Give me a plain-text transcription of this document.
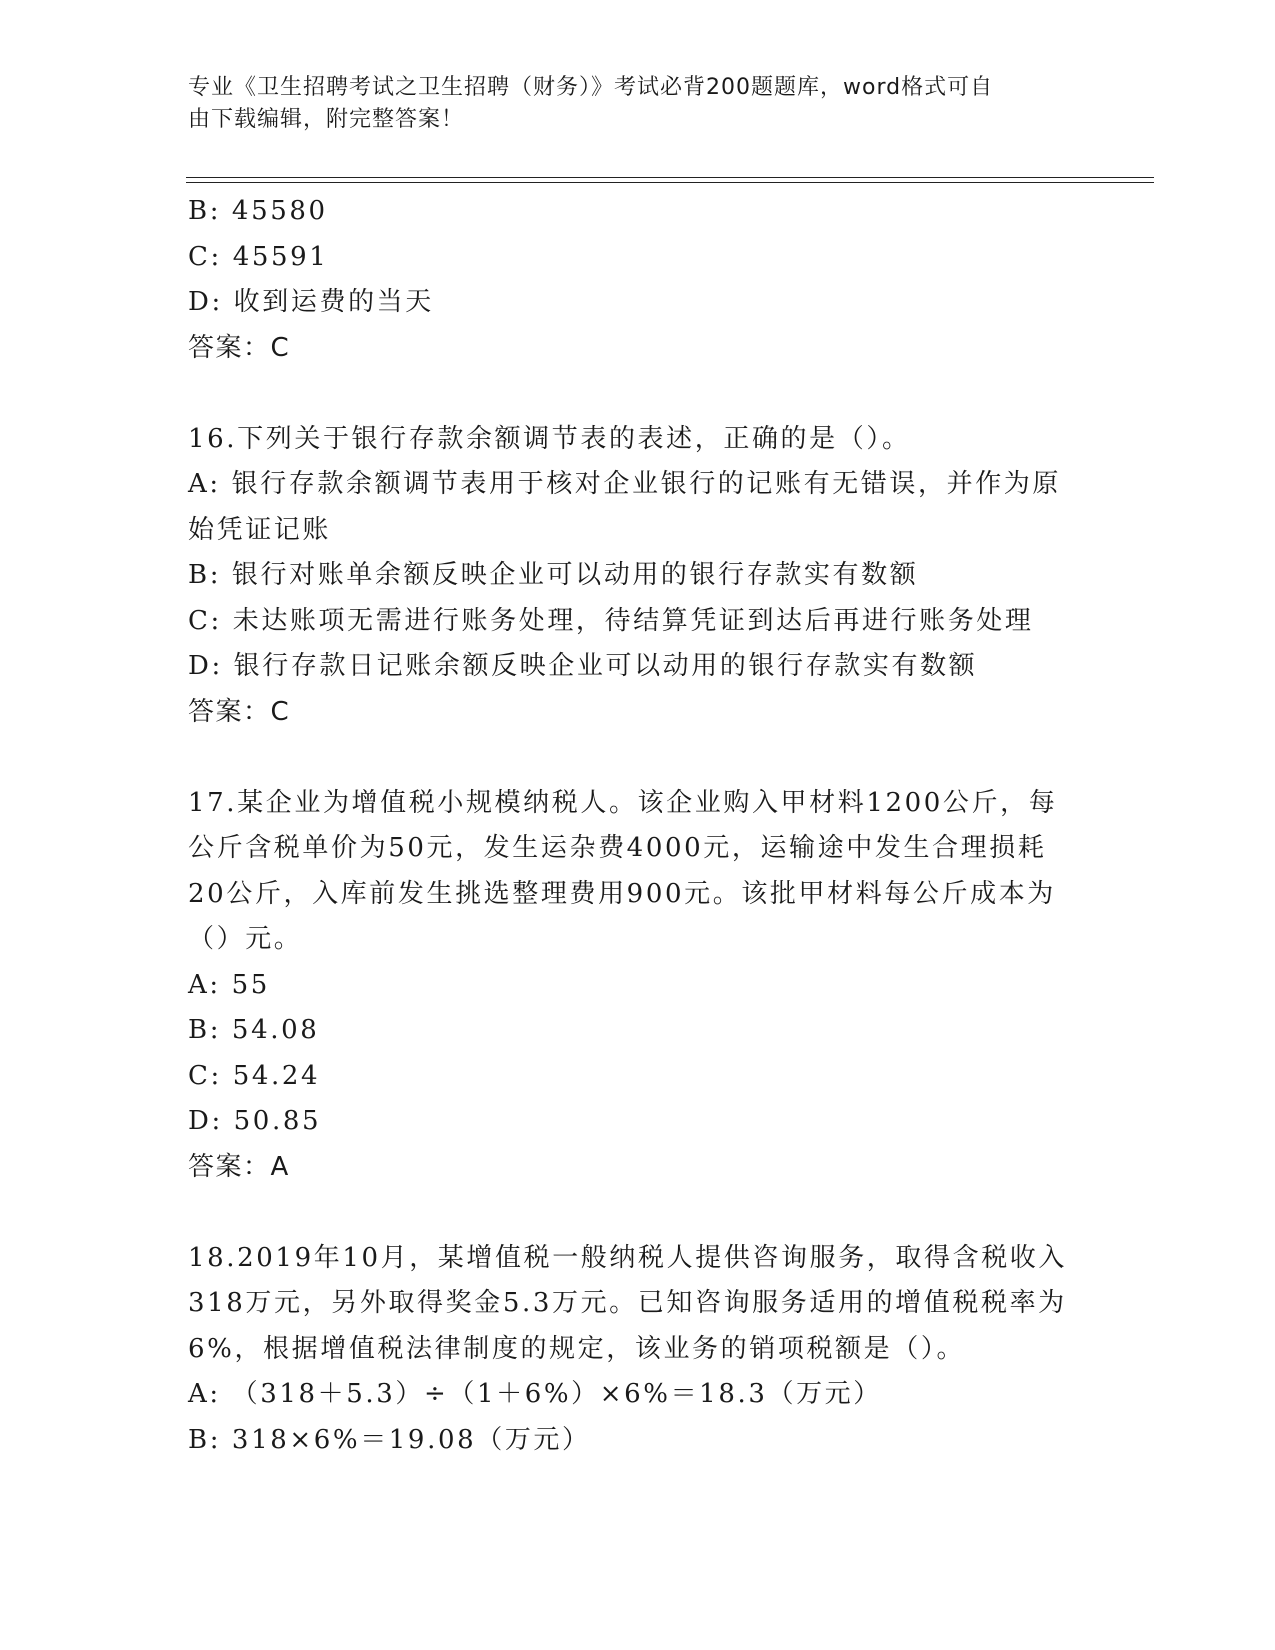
专业《卫生招聘考试之卫生招聘（财务）》考试必背200题题库，word格式可自
由下载编辑，附完整答案！
B: 45580
C: 45591
D: 收到运费的当天
答案：C
16.下列关于银行存款余额调节表的表述，正确的是（）。
A: 银行存款余额调节表用于核对企业银行的记账有无错误，并作为原
始凭证记账
B: 银行对账单余额反映企业可以动用的银行存款实有数额
C: 未达账项无需进行账务处理，待结算凭证到达后再进行账务处理
D: 银行存款日记账余额反映企业可以动用的银行存款实有数额
答案：C
17.某企业为增值税小规模纳税人。该企业购入甲材料1200公斤，每
公斤含税单价为50元，发生运杂费4000元，运输途中发生合理损耗
20公斤，入库前发生挑选整理费用900元。该批甲材料每公斤成本为
（）元。
A: 55
B: 54.08
C: 54.24
D: 50.85
答案：A
18.2019年10月，某增值税一般纳税人提供咨询服务，取得含税收入
318万元，另外取得奖金5.3万元。已知咨询服务适用的增值税税率为
6%，根据增值税法律制度的规定，该业务的销项税额是（）。
A: （318＋5.3）÷（1＋6%）×6%＝18.3（万元）
B: 318×6%＝19.08（万元）
